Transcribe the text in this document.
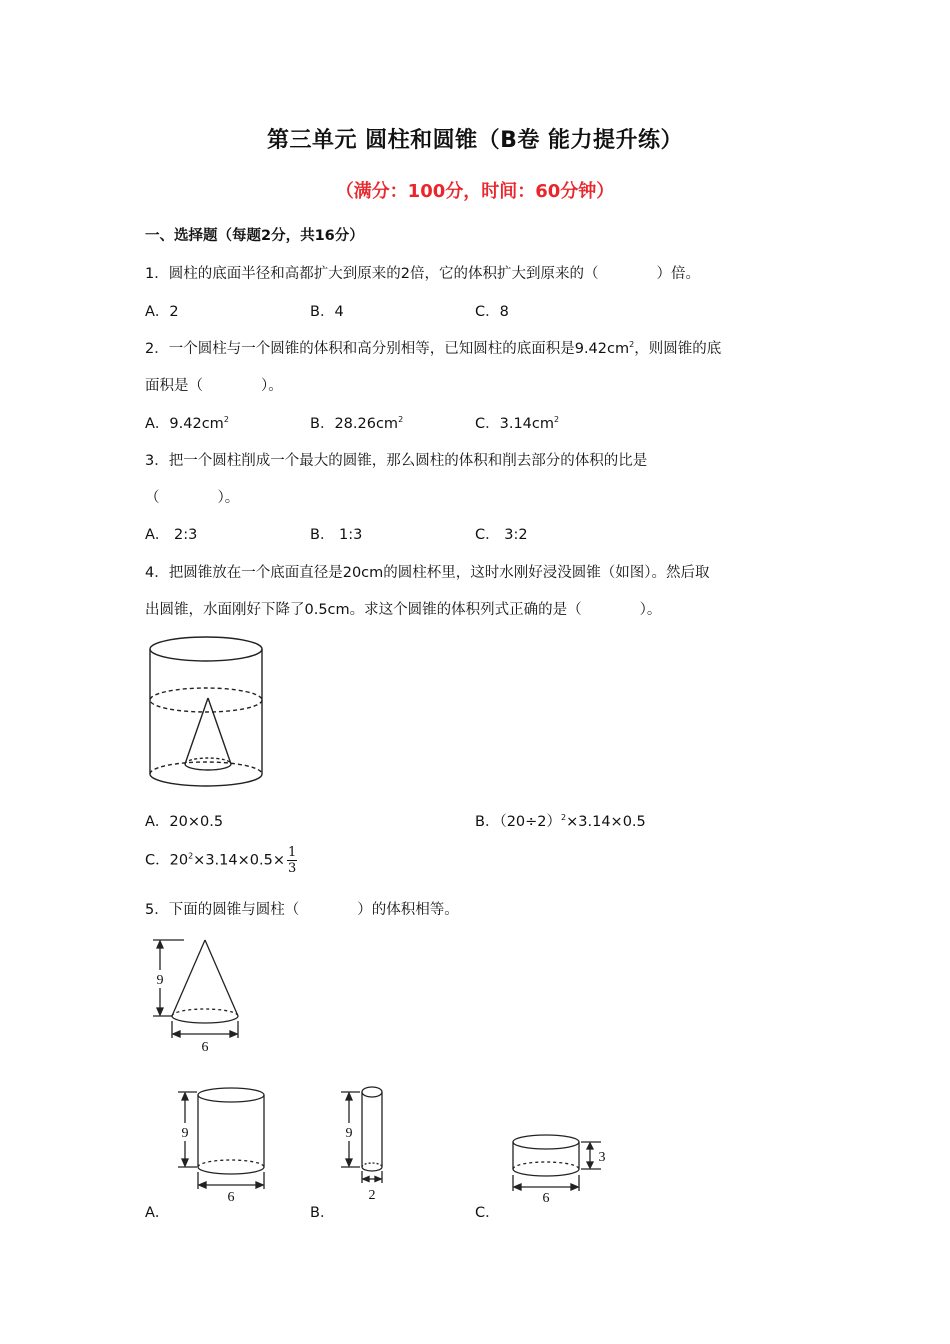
第三单元 圆柱和圆锥（B卷 能力提升练）
（满分：100分，时间：60分钟）
一、选择题（每题2分，共16分）
1．圆柱的底面半径和高都扩大到原来的2倍，它的体积扩大到原来的（　　　　）倍。
A．2	B．4	C．8
2．一个圆柱与一个圆锥的体积和高分别相等，已知圆柱的底面积是$9.42cm^2$，则圆锥的底
面积是（　　　　）。
A．$9.42cm^2$	B．$28.26cm^2$	C．$3.14cm^2$
3．把一个圆柱削成一个最大的圆锥，那么圆柱的体积和削去部分的体积的比是
（　　　　）。
A． 2:3	B． 1:3	C． 3:2
4．把圆锥放在一个底面直径是20cm的圆柱杯里，这时水刚好浸没圆锥（如图）。然后取
出圆锥，水面刚好下降了0.5cm。求这个圆锥的体积列式正确的是（　　　　）。
A．20×0.5	B．$(20\div 2)^2\times 3.14\times 0.5$
C．$20^2\times 3.14\times 0.5\times \frac{1}{3}$
5．下面的圆锥与圆柱（　　　　）的体积相等。
9
6
9
6
9
2
3
6
A．	B．	C．
